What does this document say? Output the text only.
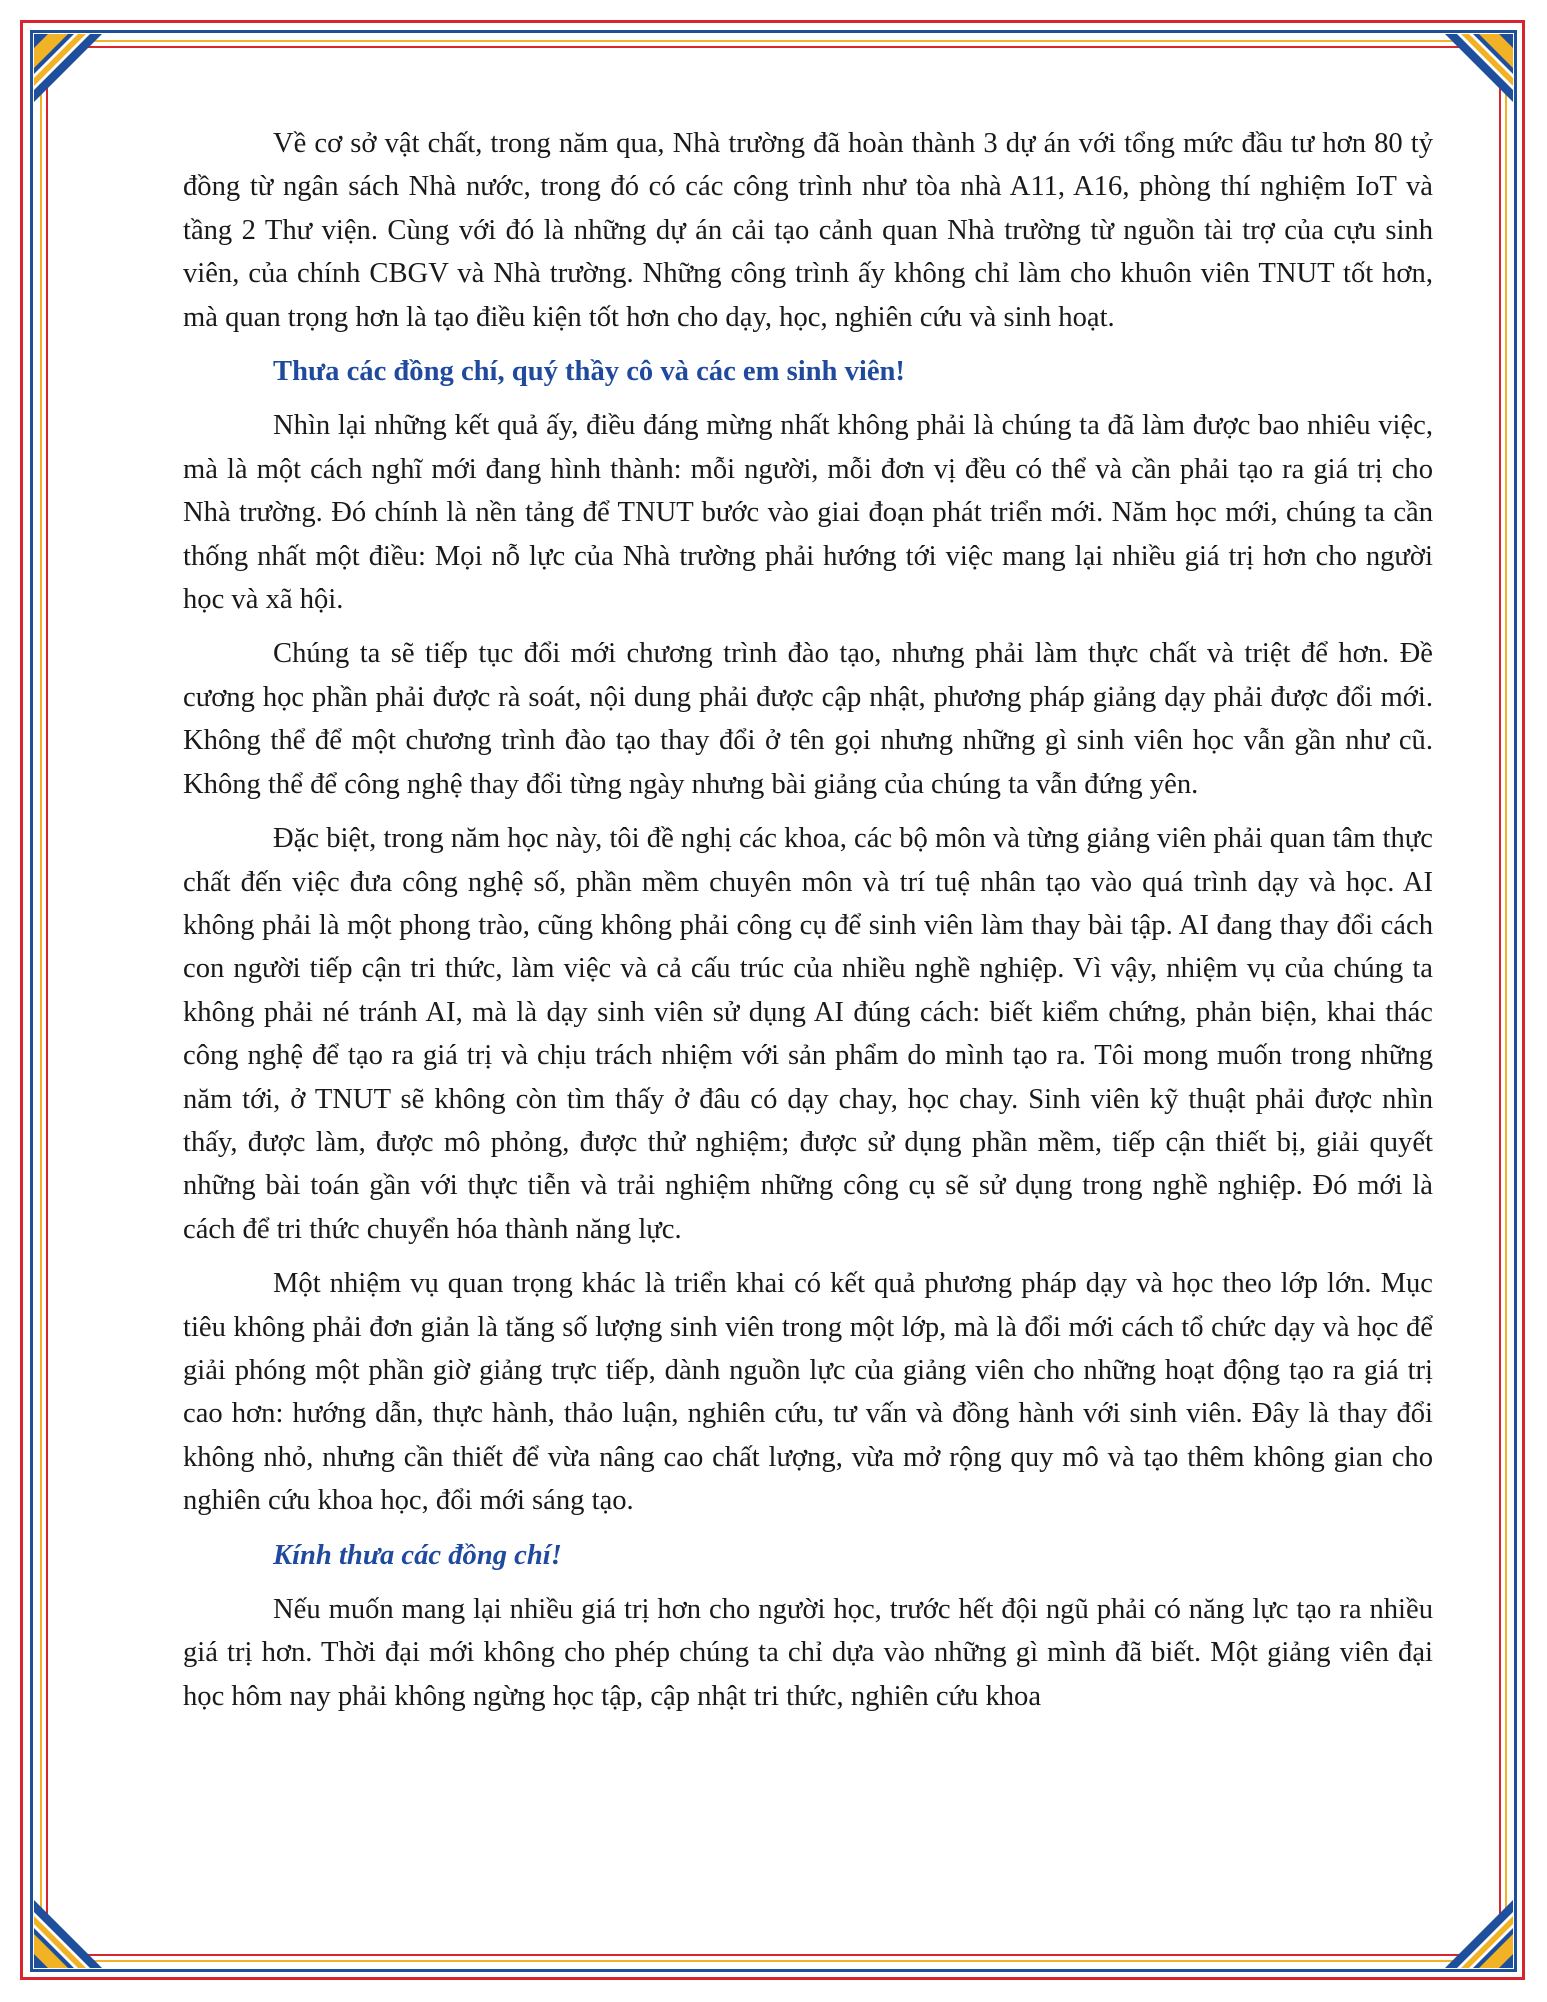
Về cơ sở vật chất, trong năm qua, Nhà trường đã hoàn thành 3 dự án với tổng mức đầu tư hơn 80 tỷ đồng từ ngân sách Nhà nước, trong đó có các công trình như tòa nhà A11, A16, phòng thí nghiệm IoT và tầng 2 Thư viện. Cùng với đó là những dự án cải tạo cảnh quan Nhà trường từ nguồn tài trợ của cựu sinh viên, của chính CBGV và Nhà trường. Những công trình ấy không chỉ làm cho khuôn viên TNUT tốt hơn, mà quan trọng hơn là tạo điều kiện tốt hơn cho dạy, học, nghiên cứu và sinh hoạt.

Thưa các đồng chí, quý thầy cô và các em sinh viên!

Nhìn lại những kết quả ấy, điều đáng mừng nhất không phải là chúng ta đã làm được bao nhiêu việc, mà là một cách nghĩ mới đang hình thành: mỗi người, mỗi đơn vị đều có thể và cần phải tạo ra giá trị cho Nhà trường. Đó chính là nền tảng để TNUT bước vào giai đoạn phát triển mới. Năm học mới, chúng ta cần thống nhất một điều: Mọi nỗ lực của Nhà trường phải hướng tới việc mang lại nhiều giá trị hơn cho người học và xã hội.

Chúng ta sẽ tiếp tục đổi mới chương trình đào tạo, nhưng phải làm thực chất và triệt để hơn. Đề cương học phần phải được rà soát, nội dung phải được cập nhật, phương pháp giảng dạy phải được đổi mới. Không thể để một chương trình đào tạo thay đổi ở tên gọi nhưng những gì sinh viên học vẫn gần như cũ. Không thể để công nghệ thay đổi từng ngày nhưng bài giảng của chúng ta vẫn đứng yên.

Đặc biệt, trong năm học này, tôi đề nghị các khoa, các bộ môn và từng giảng viên phải quan tâm thực chất đến việc đưa công nghệ số, phần mềm chuyên môn và trí tuệ nhân tạo vào quá trình dạy và học. AI không phải là một phong trào, cũng không phải công cụ để sinh viên làm thay bài tập. AI đang thay đổi cách con người tiếp cận tri thức, làm việc và cả cấu trúc của nhiều nghề nghiệp. Vì vậy, nhiệm vụ của chúng ta không phải né tránh AI, mà là dạy sinh viên sử dụng AI đúng cách: biết kiểm chứng, phản biện, khai thác công nghệ để tạo ra giá trị và chịu trách nhiệm với sản phẩm do mình tạo ra. Tôi mong muốn trong những năm tới, ở TNUT sẽ không còn tìm thấy ở đâu có dạy chay, học chay. Sinh viên kỹ thuật phải được nhìn thấy, được làm, được mô phỏng, được thử nghiệm; được sử dụng phần mềm, tiếp cận thiết bị, giải quyết những bài toán gần với thực tiễn và trải nghiệm những công cụ sẽ sử dụng trong nghề nghiệp. Đó mới là cách để tri thức chuyển hóa thành năng lực.

Một nhiệm vụ quan trọng khác là triển khai có kết quả phương pháp dạy và học theo lớp lớn. Mục tiêu không phải đơn giản là tăng số lượng sinh viên trong một lớp, mà là đổi mới cách tổ chức dạy và học để giải phóng một phần giờ giảng trực tiếp, dành nguồn lực của giảng viên cho những hoạt động tạo ra giá trị cao hơn: hướng dẫn, thực hành, thảo luận, nghiên cứu, tư vấn và đồng hành với sinh viên. Đây là thay đổi không nhỏ, nhưng cần thiết để vừa nâng cao chất lượng, vừa mở rộng quy mô và tạo thêm không gian cho nghiên cứu khoa học, đổi mới sáng tạo.

Kính thưa các đồng chí!

Nếu muốn mang lại nhiều giá trị hơn cho người học, trước hết đội ngũ phải có năng lực tạo ra nhiều giá trị hơn. Thời đại mới không cho phép chúng ta chỉ dựa vào những gì mình đã biết. Một giảng viên đại học hôm nay phải không ngừng học tập, cập nhật tri thức, nghiên cứu khoa
